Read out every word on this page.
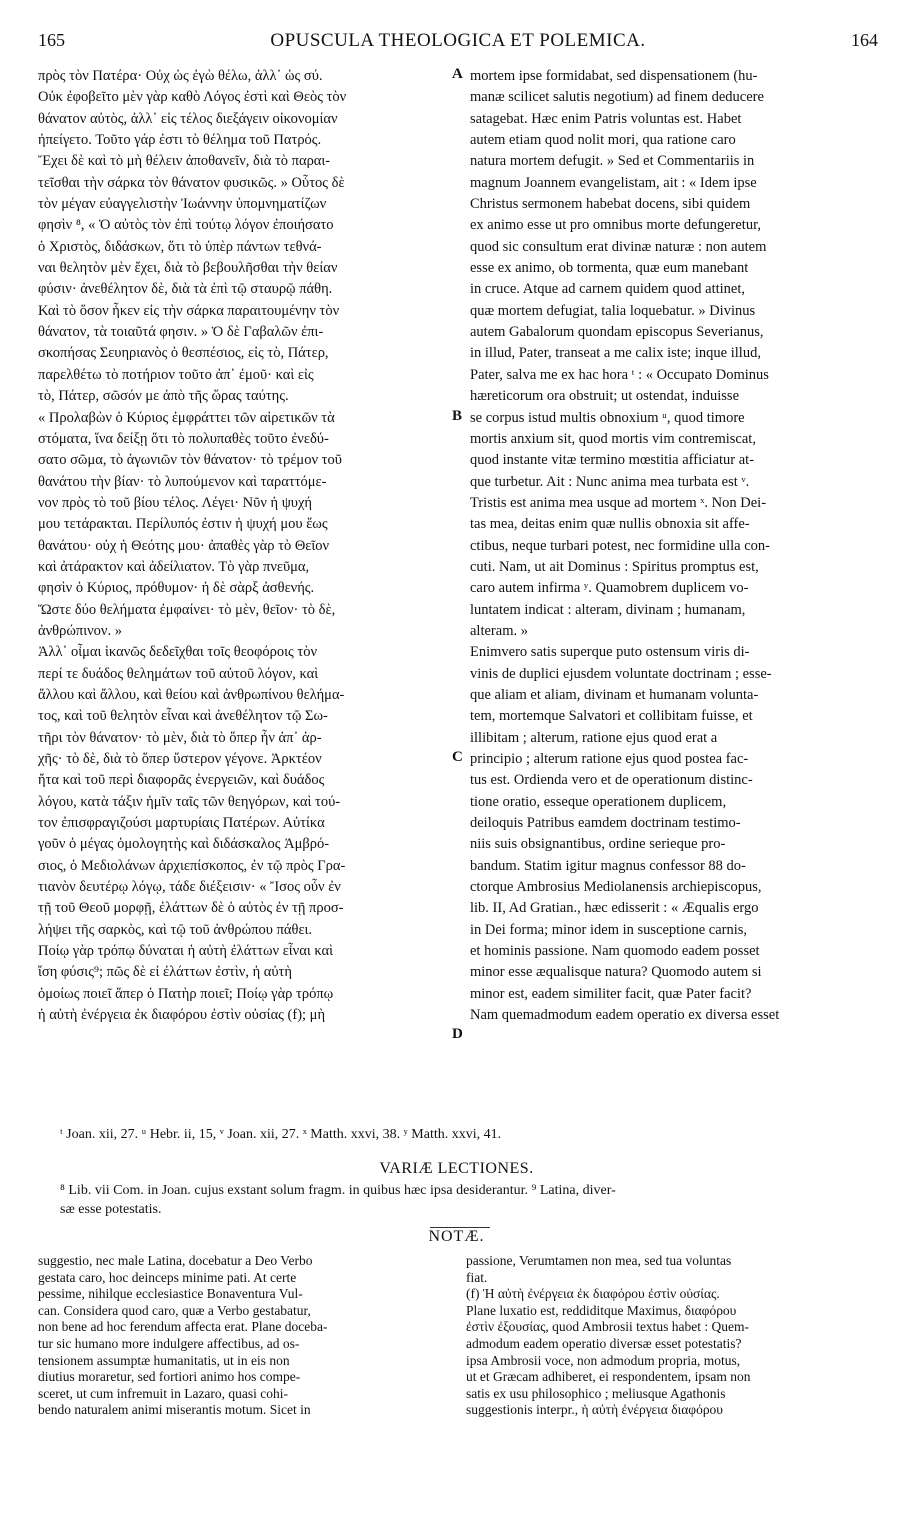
165	OPUSCULA THEOLOGICA ET POLEMICA.	164
πρὸς τὸν Πατέρα· Οὐχ ὡς ἐγὼ θέλω, ἀλλ᾽ ὡς σύ.
Οὐκ ἐφοβεῖτο μὲν γὰρ καθὸ Λόγος ἐστὶ καὶ Θεὸς τὸν
θάνατον αὐτὸς, ἀλλ᾽ εἰς τέλος διεξάγειν οἰκονομίαν
ἠπείγετο. Τοῦτο γάρ ἐστι τὸ θέλημα τοῦ Πατρός.
Ἔχει δὲ καὶ τὸ μὴ θέλειν ἀποθανεῖν, διὰ τὸ παραι-
τεῖσθαι τὴν σάρκα τὸν θάνατον φυσικῶς. » Οὗτος δὲ
τὸν μέγαν εὐαγγελιστὴν Ἰωάννην ὑπομνηματίζων
φησὶν ⁸, « Ὁ αὐτὸς τὸν ἐπὶ τούτῳ λόγον ἐποιήσατο
ὁ Χριστὸς, διδάσκων, ὅτι τὸ ὑπὲρ πάντων τεθνά-
ναι θελητὸν μὲν ἔχει, διὰ τὸ βεβουλῆσθαι τὴν θείαν
φύσιν· ἀνεθέλητον δὲ, διὰ τὰ ἐπὶ τῷ σταυρῷ πάθη.
Καὶ τὸ ὅσον ἧκεν εἰς τὴν σάρκα παραιτουμένην τὸν
θάνατον, τὰ τοιαῦτά φησιν. » Ὁ δὲ Γαβαλῶν ἐπι-
σκοπήσας Σευηριανὸς ὁ θεσπέσιος, εἰς τὸ, Πάτερ,
παρελθέτω τὸ ποτήριον τοῦτο ἀπ᾽ ἐμοῦ· καὶ εἰς
τὸ, Πάτερ, σῶσόν με ἀπὸ τῆς ὥρας ταύτης.
« Προλαβὼν ὁ Κύριος ἐμφράττει τῶν αἱρετικῶν τὰ
στόματα, ἵνα δείξῃ ὅτι τὸ πολυπαθὲς τοῦτο ἐνεδύ-
σατο σῶμα, τὸ ἀγωνιῶν τὸν θάνατον· τὸ τρέμον τοῦ
θανάτου τὴν βίαν· τὸ λυπούμενον καὶ ταραττόμε-
νον πρὸς τὸ τοῦ βίου τέλος. Λέγει· Νῦν ἡ ψυχή
μου τετάρακται. Περίλυπός ἐστιν ἡ ψυχή μου ἕως
θανάτου· οὐχ ἡ Θεότης μου· ἀπαθὲς γὰρ τὸ Θεῖον
καὶ ἀτάρακτον καὶ ἀδείλιατον. Τὸ γὰρ πνεῦμα,
φησὶν ὁ Κύριος, πρόθυμον· ἡ δὲ σὰρξ ἀσθενής.
Ὥστε δύο θελήματα ἐμφαίνει· τὸ μὲν, θεῖον· τὸ δὲ,
ἀνθρώπινον. »
Ἀλλ᾽ οἶμαι ἱκανῶς δεδεῖχθαι τοῖς θεοφόροις τὸν
περί τε δυάδος θελημάτων τοῦ αὐτοῦ λόγον, καὶ
ἄλλου καὶ ἄλλου, καὶ θείου καὶ ἀνθρωπίνου θελήμα-
τος, καὶ τοῦ θελητὸν εἶναι καὶ ἀνεθέλητον τῷ Σω-
τῆρι τὸν θάνατον· τὸ μὲν, διὰ τὸ ὅπερ ἦν ἀπ᾽ ἀρ-
χῆς· τὸ δὲ, διὰ τὸ ὅπερ ὕστερον γέγονε. Ἀρκτέον
ἤτα καὶ τοῦ περὶ διαφορᾶς ἐνεργειῶν, καὶ δυάδος
λόγου, κατὰ τάξιν ἡμῖν ταῖς τῶν θεηγόρων, καὶ τού-
τον ἐπισφραγιζούσι μαρτυρίαις Πατέρων. Αὐτίκα
γοῦν ὁ μέγας ὁμολογητὴς καὶ διδάσκαλος Ἀμβρό-
σιος, ὁ Μεδιολάνων ἀρχιεπίσκοπος, ἐν τῷ πρὸς Γρα-
τιανὸν δευτέρῳ λόγῳ, τάδε διέξεισιν· « Ἴσος οὖν ἐν
τῇ τοῦ Θεοῦ μορφῇ, ἐλάττων δὲ ὁ αὐτὸς ἐν τῇ προσ-
λήψει τῆς σαρκὸς, καὶ τῷ τοῦ ἀνθρώπου πάθει.
Ποίῳ γὰρ τρόπῳ δύναται ἡ αὐτὴ ἐλάττων εἶναι καὶ
ἴση φύσις⁹; πῶς δὲ εἰ ἐλάττων ἐστὶν, ἡ αὐτὴ
ὁμοίως ποιεῖ ἅπερ ὁ Πατὴρ ποιεῖ; Ποίῳ γὰρ τρόπῳ
ἡ αὐτὴ ἐνέργεια ἐκ διαφόρου ἐστὶν οὐσίας (f); μὴ
mortem ipse formidabat, sed dispensationem (hu-
manæ scilicet salutis negotium) ad finem deducere
satagebat. Hæc enim Patris voluntas est. Habet
autem etiam quod nolit mori, qua ratione caro
natura mortem defugit. » Sed et Commentariis in
magnum Joannem evangelistam, ait : « Idem ipse
Christus sermonem habebat docens, sibi quidem
ex animo esse ut pro omnibus morte defungeretur,
quod sic consultum erat divinæ naturæ : non autem
esse ex animo, ob tormenta, quæ eum manebant
in cruce. Atque ad carnem quidem quod attinet,
quæ mortem defugiat, talia loquebatur. » Divinus
autem Gabalorum quondam episcopus Severianus,
in illud, Pater, transeat a me calix iste; inque illud,
Pater, salva me ex hac hora ᵗ : « Occupato Dominus
hæreticorum ora obstruit; ut ostendat, induisse
se corpus istud multis obnoxium ᵘ, quod timore
mortis anxium sit, quod mortis vim contremiscat,
quod instante vitæ termino mœstitia afficiatur at-
que turbetur. Ait : Nunc anima mea turbata est ᵛ.
Tristis est anima mea usque ad mortem ˣ. Non Dei-
tas mea, deitas enim quæ nullis obnoxia sit affe-
ctibus, neque turbari potest, nec formidine ulla con-
cuti. Nam, ut ait Dominus : Spiritus promptus est,
caro autem infirma ʸ. Quamobrem duplicem vo-
luntatem indicat : alteram, divinam ; humanam,
alteram. »
Enimvero satis superque puto ostensum viris di-
vinis de duplici ejusdem voluntate doctrinam ; esse-
que aliam et aliam, divinam et humanam volunta-
tem, mortemque Salvatori et collibitam fuisse, et
illibitam ; alterum, ratione ejus quod erat a
principio ; alterum ratione ejus quod postea fac-
tus est. Ordienda vero et de operationum distinc-
tione oratio, esseque operationem duplicem,
deiloquis Patribus eamdem doctrinam testimo-
niis suis obsignantibus, ordine serieque pro-
bandum. Statim igitur magnus confessor 88 do-
ctorque Ambrosius Mediolanensis archiepiscopus,
lib. II, Ad Gratian., hæc edisserit : « Æqualis ergo
in Dei forma; minor idem in susceptione carnis,
et hominis passione. Nam quomodo eadem posset
minor esse æqualisque natura? Quomodo autem si
minor est, eadem similiter facit, quæ Pater facit?
Nam quemadmodum eadem operatio ex diversa esset
A
B
C
D
ᵗ Joan. xii, 27. ᵘ Hebr. ii, 15, ᵛ Joan. xii, 27. ˣ Matth. xxvi, 38. ʸ Matth. xxvi, 41.
VARIÆ LECTIONES.
⁸ Lib. vii Com. in Joan. cujus exstant solum fragm. in quibus hæc ipsa desiderantur. ⁹ Latina, diver-
sæ esse potestatis.
NOTÆ.
suggestio, nec male Latina, docebatur a Deo Verbo
gestata caro, hoc deinceps minime pati. At certe
pessime, nihilque ecclesiastice Bonaventura Vul-
can. Considera quod caro, quæ a Verbo gestabatur,
non bene ad hoc ferendum affecta erat. Plane doceba-
tur sic humano more indulgere affectibus, ad os-
tensionem assumptæ humanitatis, ut in eis non
diutius moraretur, sed fortiori animo hos compe-
sceret, ut cum infremuit in Lazaro, quasi cohi-
bendo naturalem animi miserantis motum. Sicet in
passione, Verumtamen non mea, sed tua voluntas
fiat.
(f) Ἡ αὐτὴ ἐνέργεια ἐκ διαφόρου ἐστὶν οὐσίας.
Plane luxatio est, reddiditque Maximus, διαφόρου
ἐστὶν ἐξουσίας, quod Ambrosii textus habet : Quem-
admodum eadem operatio diversæ esset potestatis?
ipsa Ambrosii voce, non admodum propria, motus,
ut et Græcam adhiberet, ei respondentem, ipsam non
satis ex usu philosophico ; meliusque Agathonis
suggestionis interpr., ἡ αὐτὴ ἐνέργεια διαφόρου
